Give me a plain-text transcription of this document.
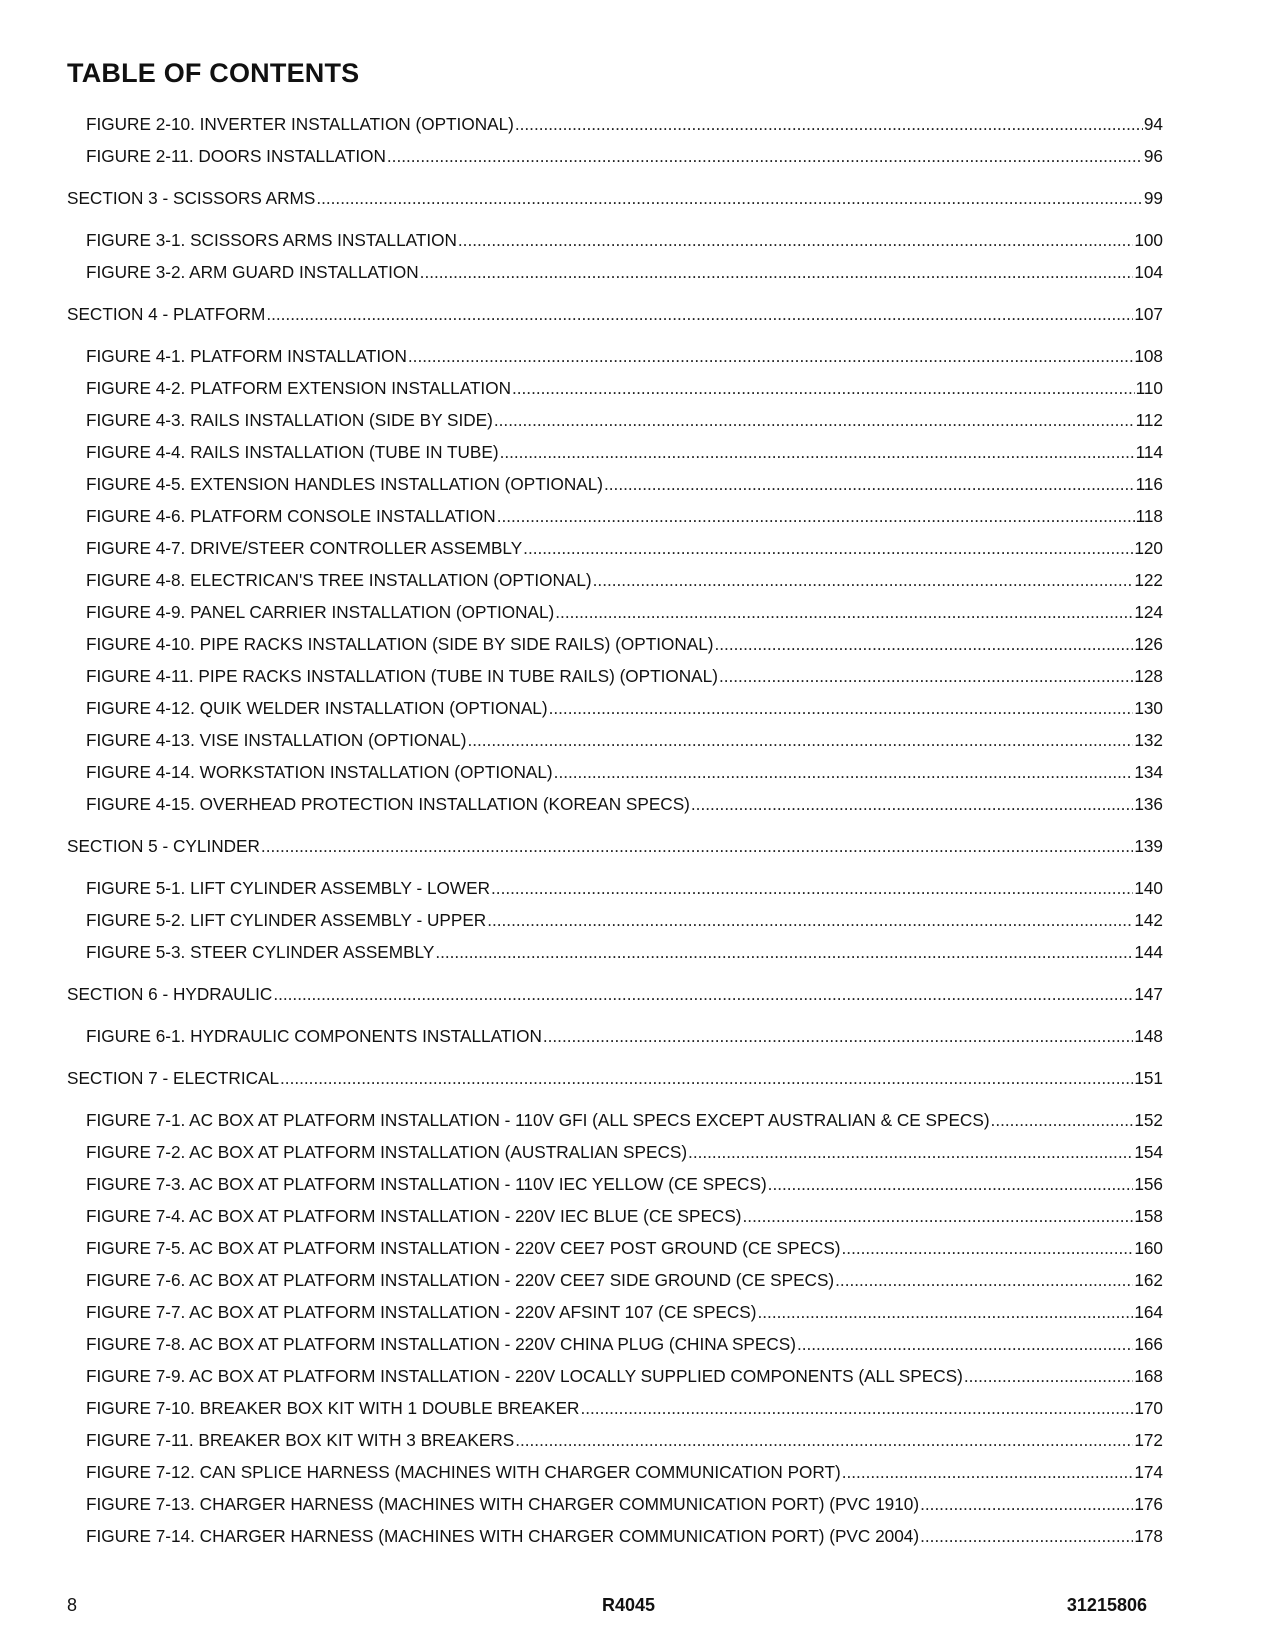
TABLE OF CONTENTS
FIGURE 2-10. INVERTER INSTALLATION (OPTIONAL) .....	94
FIGURE 2-11. DOORS INSTALLATION .....	96
SECTION 3 - SCISSORS ARMS .....	99
FIGURE 3-1. SCISSORS ARMS INSTALLATION .....	100
FIGURE 3-2. ARM GUARD INSTALLATION .....	104
SECTION 4 - PLATFORM .....	107
FIGURE 4-1. PLATFORM INSTALLATION .....	108
FIGURE 4-2. PLATFORM EXTENSION INSTALLATION .....	110
FIGURE 4-3. RAILS INSTALLATION (SIDE BY SIDE) .....	112
FIGURE 4-4. RAILS INSTALLATION (TUBE IN TUBE) .....	114
FIGURE 4-5. EXTENSION HANDLES INSTALLATION (OPTIONAL) .....	116
FIGURE 4-6. PLATFORM CONSOLE INSTALLATION .....	118
FIGURE 4-7. DRIVE/STEER CONTROLLER ASSEMBLY .....	120
FIGURE 4-8. ELECTRICAN'S TREE INSTALLATION (OPTIONAL) .....	122
FIGURE 4-9. PANEL CARRIER INSTALLATION (OPTIONAL) .....	124
FIGURE 4-10. PIPE RACKS INSTALLATION (SIDE BY SIDE RAILS) (OPTIONAL) .....	126
FIGURE 4-11. PIPE RACKS INSTALLATION (TUBE IN TUBE RAILS) (OPTIONAL) .....	128
FIGURE 4-12. QUIK WELDER INSTALLATION (OPTIONAL) .....	130
FIGURE 4-13. VISE INSTALLATION (OPTIONAL) .....	132
FIGURE 4-14. WORKSTATION INSTALLATION (OPTIONAL) .....	134
FIGURE 4-15. OVERHEAD PROTECTION INSTALLATION (KOREAN SPECS) .....	136
SECTION 5 - CYLINDER .....	139
FIGURE 5-1. LIFT CYLINDER ASSEMBLY - LOWER .....	140
FIGURE 5-2. LIFT CYLINDER ASSEMBLY - UPPER .....	142
FIGURE 5-3. STEER CYLINDER ASSEMBLY .....	144
SECTION 6 - HYDRAULIC .....	147
FIGURE 6-1. HYDRAULIC COMPONENTS INSTALLATION .....	148
SECTION 7 - ELECTRICAL .....	151
FIGURE 7-1. AC BOX AT PLATFORM INSTALLATION - 110V GFI (ALL SPECS EXCEPT AUSTRALIAN & CE SPECS) .....	152
FIGURE 7-2. AC BOX AT PLATFORM INSTALLATION (AUSTRALIAN SPECS) .....	154
FIGURE 7-3. AC BOX AT PLATFORM INSTALLATION - 110V IEC YELLOW (CE SPECS) .....	156
FIGURE 7-4. AC BOX AT PLATFORM INSTALLATION - 220V IEC BLUE (CE SPECS) .....	158
FIGURE 7-5. AC BOX AT PLATFORM INSTALLATION - 220V CEE7 POST GROUND (CE SPECS) .....	160
FIGURE 7-6. AC BOX AT PLATFORM INSTALLATION - 220V CEE7 SIDE GROUND (CE SPECS) .....	162
FIGURE 7-7. AC BOX AT PLATFORM INSTALLATION - 220V AFSINT 107 (CE SPECS) .....	164
FIGURE 7-8. AC BOX AT PLATFORM INSTALLATION - 220V CHINA PLUG (CHINA SPECS) .....	166
FIGURE 7-9. AC BOX AT PLATFORM INSTALLATION - 220V LOCALLY SUPPLIED COMPONENTS (ALL SPECS) .....	168
FIGURE 7-10. BREAKER BOX KIT WITH 1 DOUBLE BREAKER .....	170
FIGURE 7-11. BREAKER BOX KIT WITH 3 BREAKERS .....	172
FIGURE 7-12. CAN SPLICE HARNESS (MACHINES WITH CHARGER COMMUNICATION PORT) .....	174
FIGURE 7-13. CHARGER HARNESS (MACHINES WITH CHARGER COMMUNICATION PORT) (PVC 1910) .....	176
FIGURE 7-14. CHARGER HARNESS (MACHINES WITH CHARGER COMMUNICATION PORT) (PVC 2004) .....	178
8	R4045	31215806
